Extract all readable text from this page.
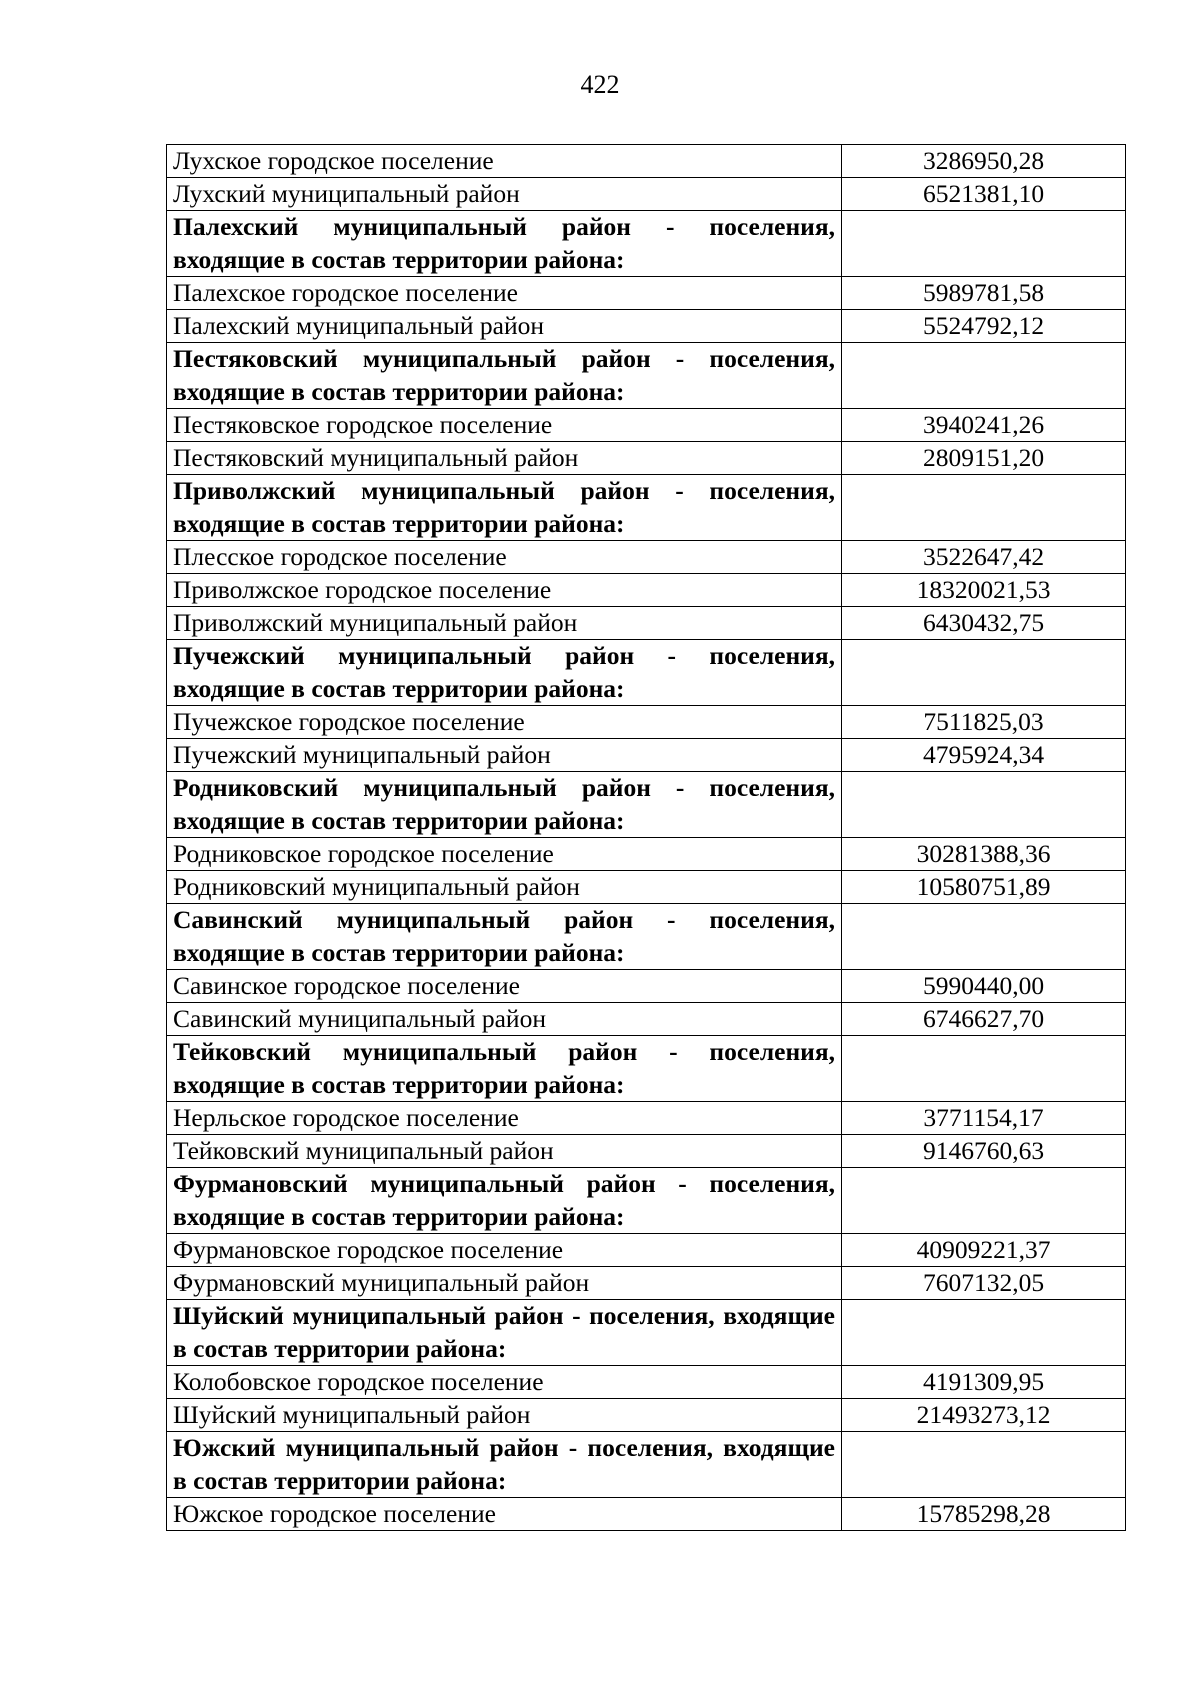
422
Лухское городское поселение	3286950,28
Лухский муниципальный район	6521381,10
Палехский муниципальный район - поселения, входящие в состав территории района:	
Палехское городское поселение	5989781,58
Палехский муниципальный район	5524792,12
Пестяковский муниципальный район - поселения, входящие в состав территории района:	
Пестяковское городское поселение	3940241,26
Пестяковский муниципальный район	2809151,20
Приволжский муниципальный район - поселения, входящие в состав территории района:	
Плесское городское поселение	3522647,42
Приволжское городское поселение	18320021,53
Приволжский муниципальный район	6430432,75
Пучежский муниципальный район - поселения, входящие в состав территории района:	
Пучежское городское поселение	7511825,03
Пучежский муниципальный район	4795924,34
Родниковский муниципальный район - поселения, входящие в состав территории района:	
Родниковское городское поселение	30281388,36
Родниковский муниципальный район	10580751,89
Савинский муниципальный район - поселения, входящие в состав территории района:	
Савинское городское поселение	5990440,00
Савинский муниципальный район	6746627,70
Тейковский муниципальный район - поселения, входящие в состав территории района:	
Нерльское городское поселение	3771154,17
Тейковский муниципальный район	9146760,63
Фурмановский муниципальный район - поселения, входящие в состав территории района:	
Фурмановское городское поселение	40909221,37
Фурмановский муниципальный район	7607132,05
Шуйский муниципальный район - поселения, входящие в состав территории района:	
Колобовское городское поселение	4191309,95
Шуйский муниципальный район	21493273,12
Южский муниципальный район - поселения, входящие в состав территории района:	
Южское городское поселение	15785298,28
